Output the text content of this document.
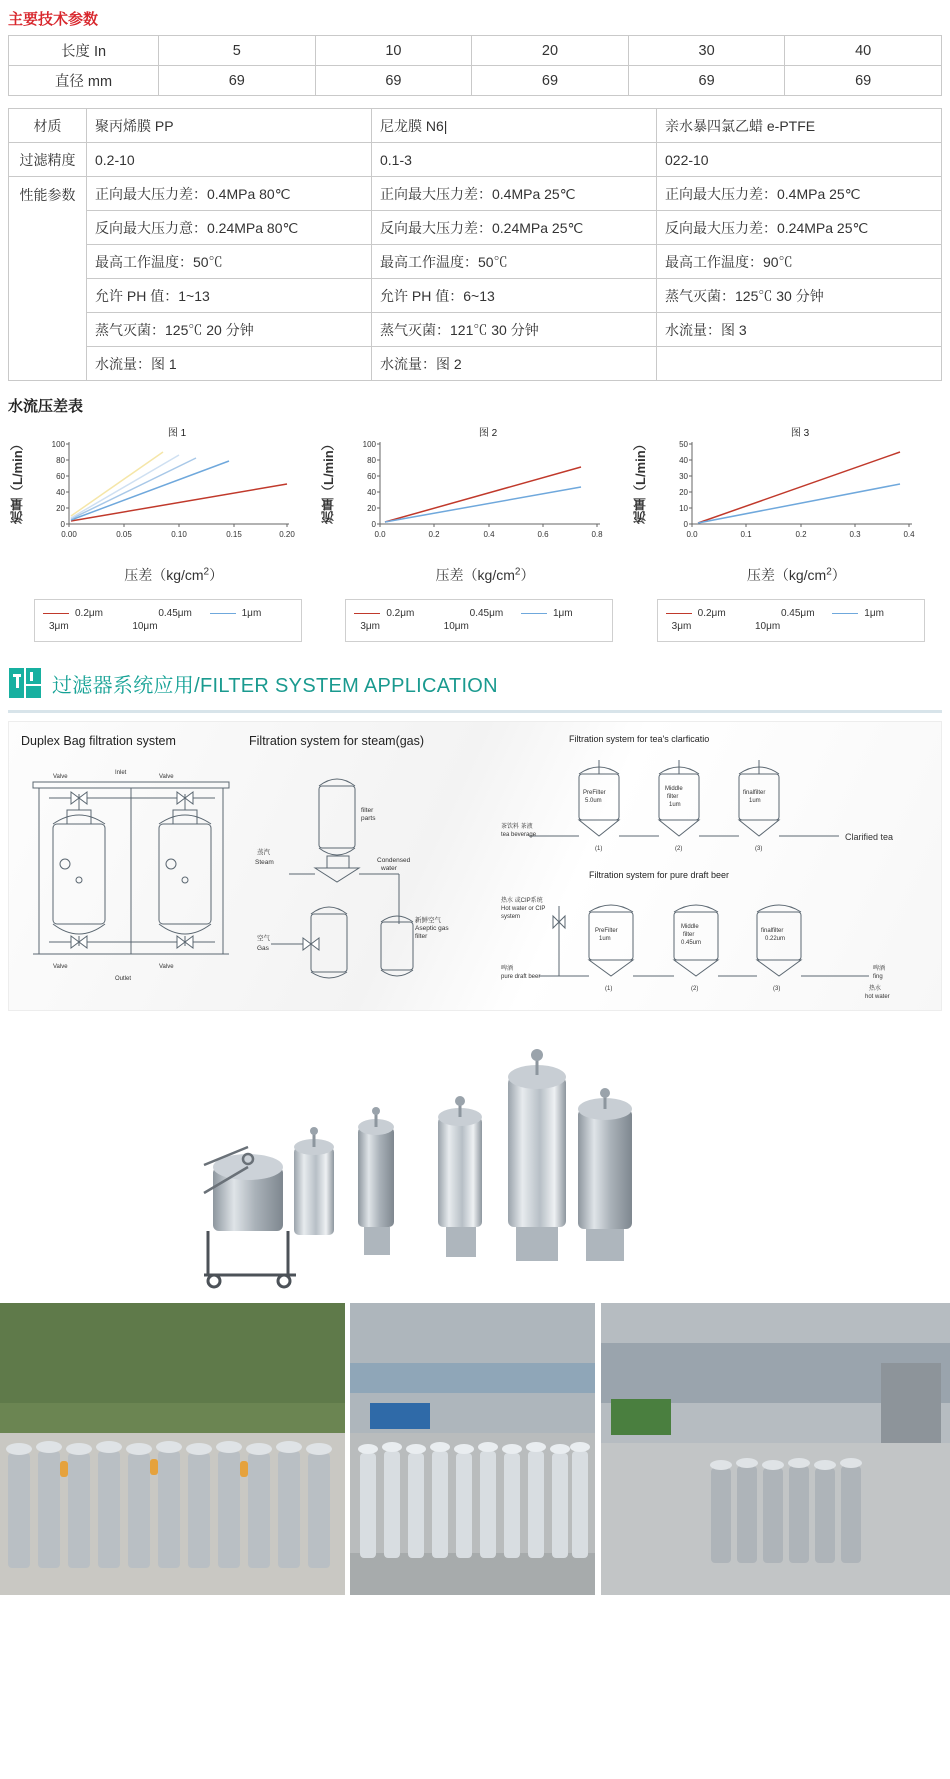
主要技术参数
长度 In	5	10	20	30	40
直径 mm	69	69	69	69	69
材质	聚丙烯膜 PP	尼龙膜 N6|	亲水暴四氯乙蜡 e-PTFE
过滤精度	0.2-10	0.1-3	022-10
性能参数	正向最大压力差：0.4MPa 80℃	正向最大压力差：0.4MPa 25℃	正向最大压力差：0.4MPa 25℃
	反向最大压力意：0.24MPa 80℃	反向最大压力差：0.24MPa 25℃	反向最大压力差：0.24MPa 25℃
	最高工作温度：50℃	最高工作温度：50℃	最高工作温度：90℃
	允许 PH 值：1~13	允许 PH 值：6~13	蒸气灭菌：125℃ 30 分钟
	蒸气灭菌：125℃ 20 分钟	蒸气灭菌：121℃ 30 分钟	水流量：图 3
	水流量：图 1	水流量：图 2	
水流压差表
流量（L/min）
图 1
0
20
40
60
80
100
0.00	0.05	0.10	0.15	0.20
压差$(kg/cm^2)$
0.2μm	0.45μm	1μm
3μm	10μm
流量（L/min）
图 2
0
20
40
60
80
100
0.0	0.2	0.4	0.6	0.8
压差$(kg/cm^2)$
0.2μm	0.45μm	1μm
3μm	10μm
流量（L/min）
图 3
0
10
20
30
40
50
0.0	0.1	0.2	0.3	0.4
压差$(kg/cm^2)$
0.2μm	0.45μm	1μm
3μm	10μm
过滤器系统应用/FILTER SYSTEM APPLICATION
Duplex Bag filtration system
Valve	Valve
Inlet
Valve	Valve
Outlet
Filtration system for steam(gas)
蒸汽
Steam
空气
Gas
filter
parts
Condensed
water
新鲜空气
Aseptic gas
filter
Filtration system for tea's clarficatio
茶饮料 茶液
tea beverage
PreFilter
5.0um
Middle
filter
1um
finalfilter
1um
Clarified tea
(1)	(2)	(3)
Filtration system for pure draft beer
热水 或CIP系统
Hot water or CIP
system
啤酒
pure draft beer
PreFilter
1um
Middle
filter
0.45um
finalfilter
0.22um
啤酒
fing
热水
hot water
(1)	(2)	(3)
